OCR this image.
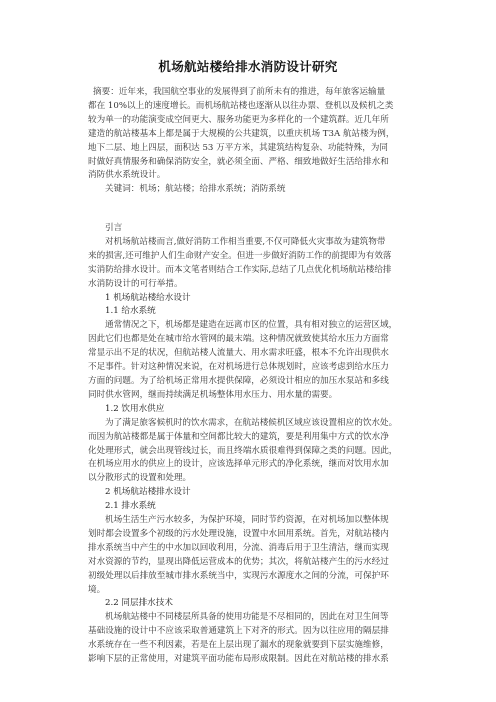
机场航站楼给排水消防设计研究
摘要：近年来，我国航空事业的发展得到了前所未有的推进，每年旅客运输量
都在 10%以上的速度增长。而机场航站楼也逐渐从以往办票、登机以及候机之类
较为单一的功能演变成空间更大、服务功能更为多样化的一个建筑群。近几年所
建造的航站楼基本上都是属于大规模的公共建筑，以重庆机场 T3A 航站楼为例，
地下二层、地上四层，面积达 53 万平方米，其建筑结构复杂、功能特殊，为同
时做好真情服务和确保消防安全，就必须全面、严格、细致地做好生活给排水和
消防供水系统设计。
关键词：机场；航站楼；给排水系统；消防系统
引言
对机场航站楼而言,做好消防工作相当重要,不仅可降低火灾事故为建筑物带
来的损害,还可维护人们生命财产安全。但进一步做好消防工作的前提即为有效落
实消防给排水设计。而本文笔者则结合工作实际,总结了几点优化机场航站楼给排
水消防设计的可行举措。
1 机场航站楼给水设计
1.1 给水系统
通常情况之下，机场都是建造在远离市区的位置，具有相对独立的运营区域，
因此它们也都是处在城市给水管网的最末端。这种情况就致使其给水压力方面常
常显示出不足的状况，但航站楼人流量大、用水需求旺盛，根本不允许出现供水
不足事件。针对这种情况来说，在对机场进行总体规划时，应该考虑到给水压力
方面的问题。为了给机场正常用水提供保障，必须设计相应的加压水泵站和多线
同时供水管网，继而持续满足机场整体用水压力、用水量的需要。
1.2 饮用水供应
为了满足旅客候机时的饮水需求，在航站楼候机区域应该设置相应的饮水处。
而因为航站楼都是属于体量和空间都比较大的建筑，要是利用集中方式的饮水净
化处理形式，就会出现管线过长，而且终端水质很难得到保障之类的问题。因此，
在机场应用水的供应上的设计，应该选择单元形式的净化系统，继而对饮用水加
以分散形式的设置和处理。
2 机场航站楼排水设计
2.1 排水系统
机场生活生产污水较多，为保护环境，同时节约资源，在对机场加以整体规
划时都会设置多个初级的污水处理设施，设置中水回用系统。首先，对航站楼内
排水系统当中产生的中水加以回收利用，分流、消毒后用于卫生清洁，继而实现
对水资源的节约，显现出降低运营成本的优势；其次，将航站楼产生的污水经过
初级处理以后排放至城市排水系统当中，实现污水源度水之间的分流，可保护环
境。
2.2 同层排水技术
机场航站楼中不同楼层所具备的使用功能是不尽相同的，因此在对卫生间等
基础设施的设计中不应该采取普通建筑上下对齐的形式。因为以往应用的隔层排
水系统存在一些不利因素，若是在上层出现了漏水的现象就要到下层实施维修，
影响下层的正常使用，对建筑平面功能布局形成限制。因此在对航站楼的排水系
